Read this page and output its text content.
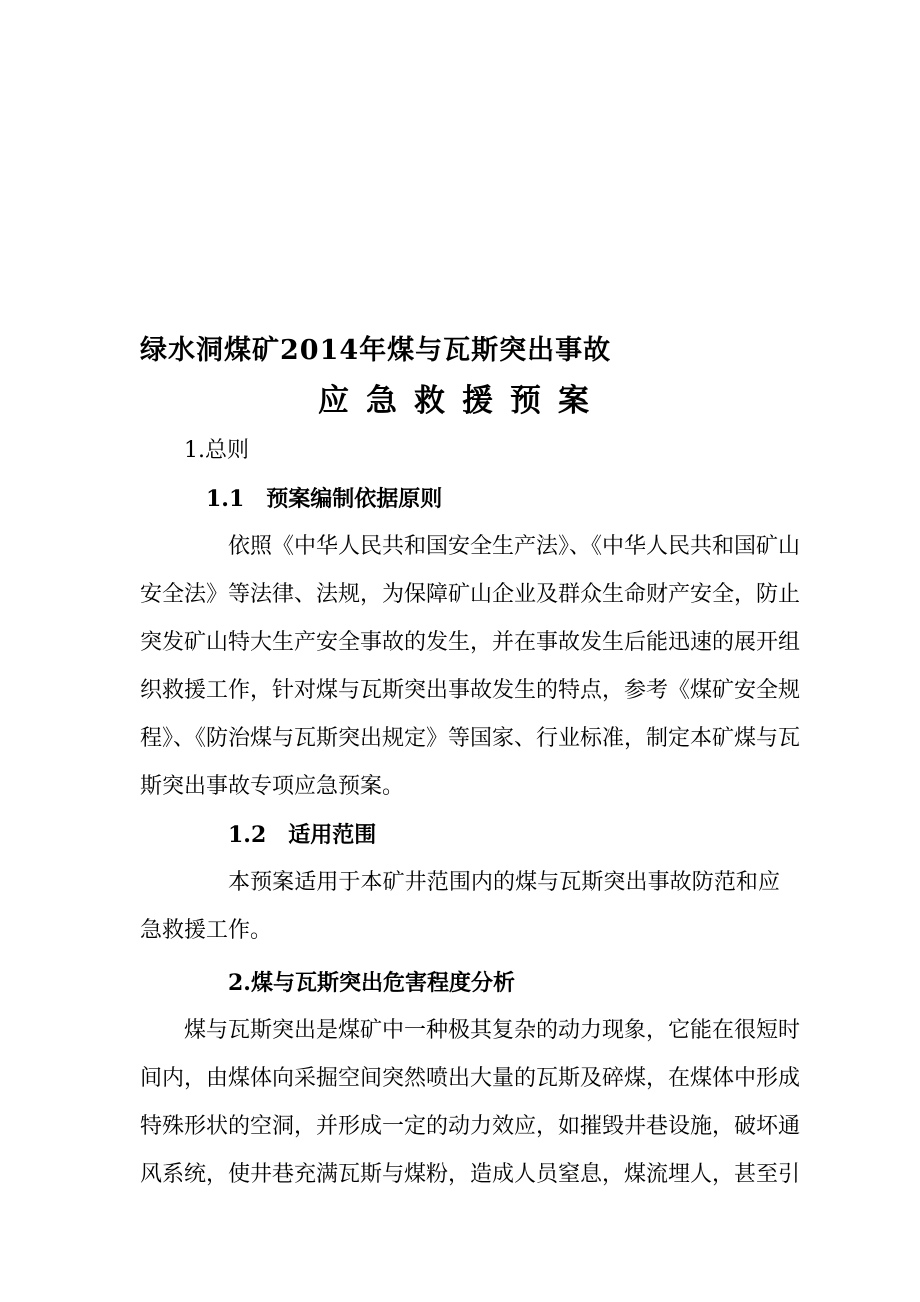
绿水洞煤矿2014年煤与瓦斯突出事故
应急救援预案
1.总则
1.1　预案编制依据原则
依照《中华人民共和国安全生产法》、《中华人民共和国矿山
安全法》等法律、法规，为保障矿山企业及群众生命财产安全，防止
突发矿山特大生产安全事故的发生，并在事故发生后能迅速的展开组
织救援工作，针对煤与瓦斯突出事故发生的特点，参考《煤矿安全规
程》、《防治煤与瓦斯突出规定》等国家、行业标准，制定本矿煤与瓦
斯突出事故专项应急预案。
1.2　适用范围
本预案适用于本矿井范围内的煤与瓦斯突出事故防范和应
急救援工作。
2.煤与瓦斯突出危害程度分析
煤与瓦斯突出是煤矿中一种极其复杂的动力现象，它能在很短时
间内，由煤体向采掘空间突然喷出大量的瓦斯及碎煤，在煤体中形成
特殊形状的空洞，并形成一定的动力效应，如摧毁井巷设施，破坏通
风系统，使井巷充满瓦斯与煤粉，造成人员窒息，煤流埋人，甚至引
